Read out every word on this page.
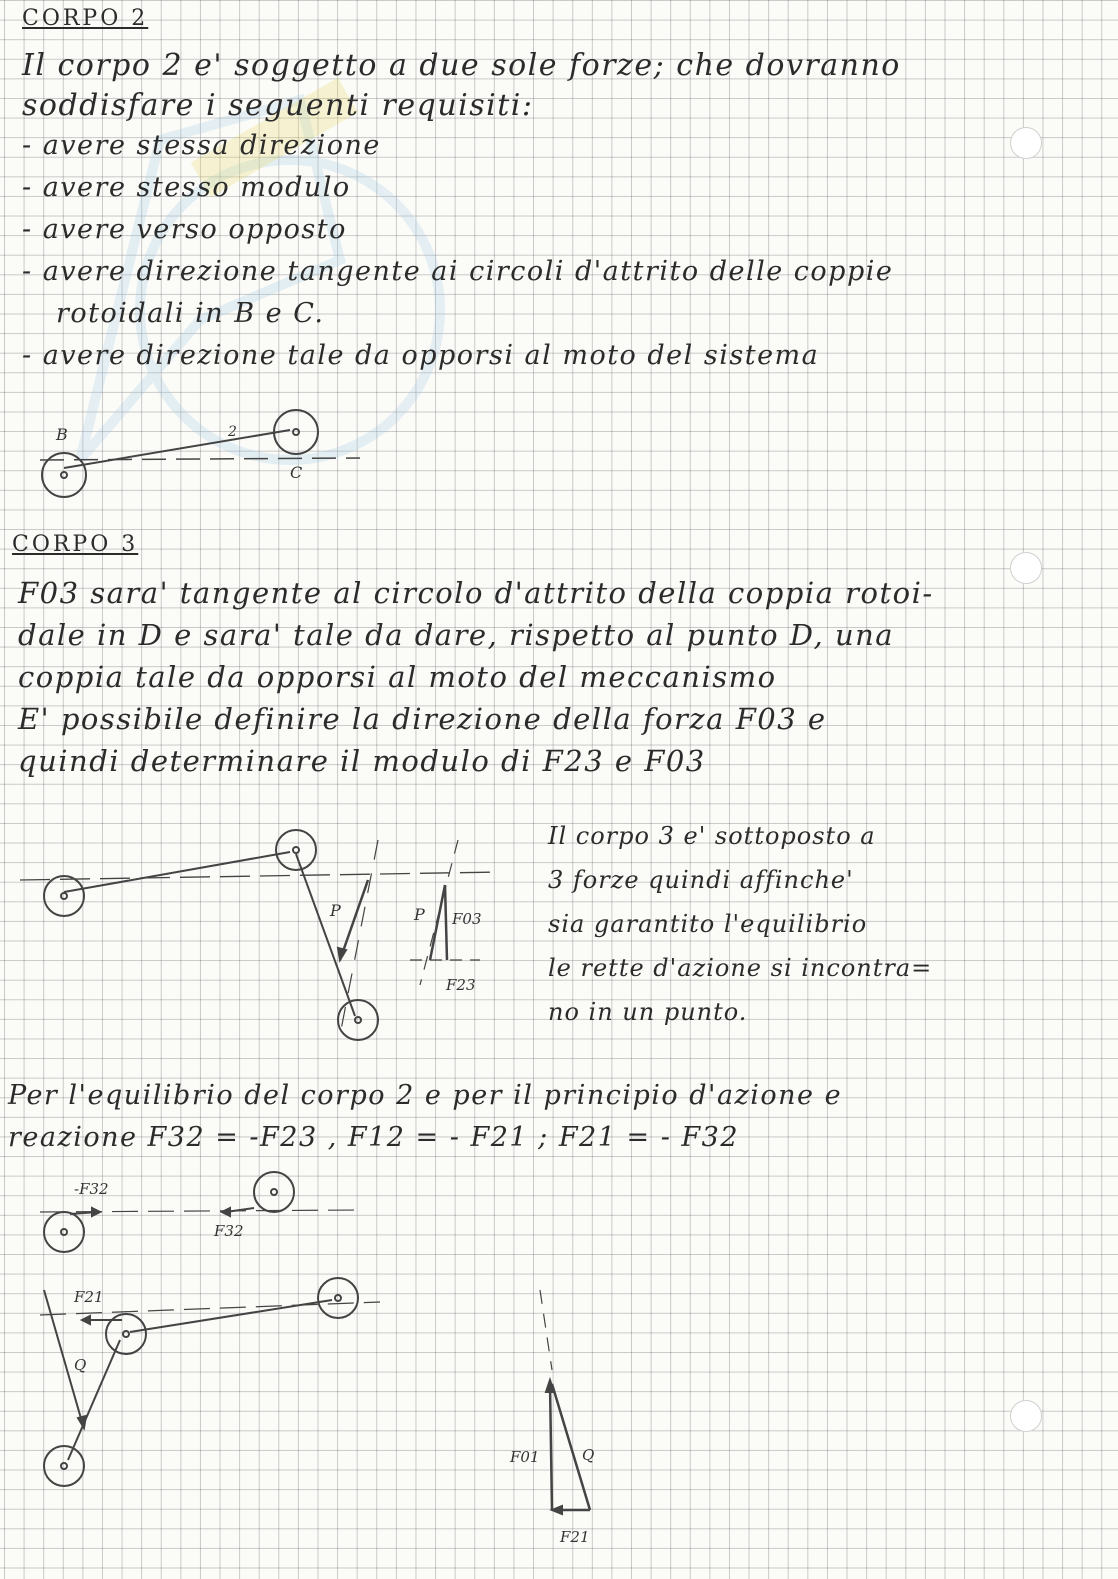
CORPO 2
Il corpo 2 e' soggetto a due sole forze; che dovranno
soddisfare i seguenti requisiti:
- avere stessa direzione
- avere stesso modulo
- avere verso opposto
- avere direzione tangente ai circoli d'attrito delle coppie
rotoidali in B e C.
- avere direzione tale da opporsi al moto del sistema
B	2
C
CORPO 3
F03 sara' tangente al circolo d'attrito della coppia rotoi-
dale in D e sara' tale da dare, rispetto al punto D, una
coppia tale da opporsi al moto del meccanismo
E' possibile definire la direzione della forza F03 e
quindi determinare il modulo di F23 e F03
P	P F03
F23
Il corpo 3 e' sottoposto a
3 forze quindi affinche'
sia garantito l'equilibrio
le rette d'azione si incontra=
no in un punto.
Per l'equilibrio del corpo 2 e per il principio d'azione e
reazione F32 = -F23 , F12 = - F21 ; F21 = - F32
-F32
F32
F21
Q
F01	Q
F21
